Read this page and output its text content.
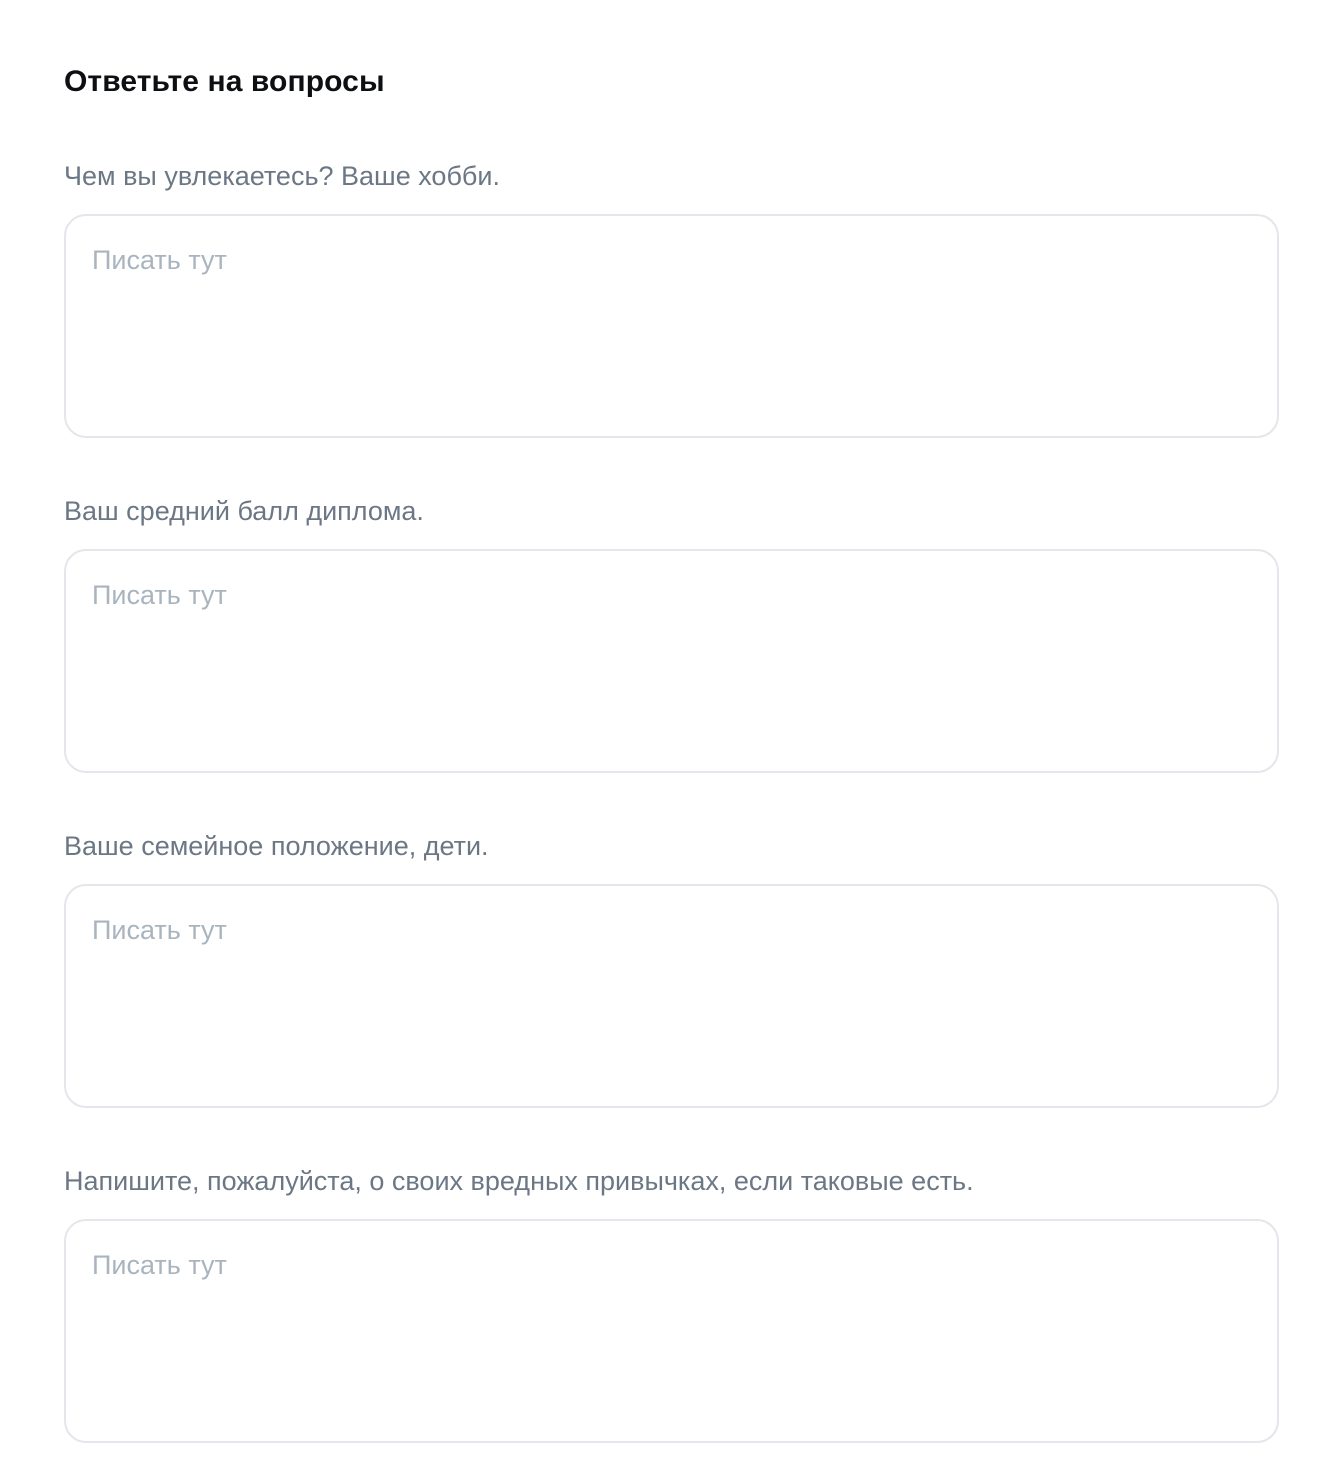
Ответьте на вопросы
Чем вы увлекаетесь? Ваше хобби.
Писать тут
Ваш средний балл диплома.
Писать тут
Ваше семейное положение, дети.
Писать тут
Напишите, пожалуйста, о своих вредных привычках, если таковые есть.
Писать тут
